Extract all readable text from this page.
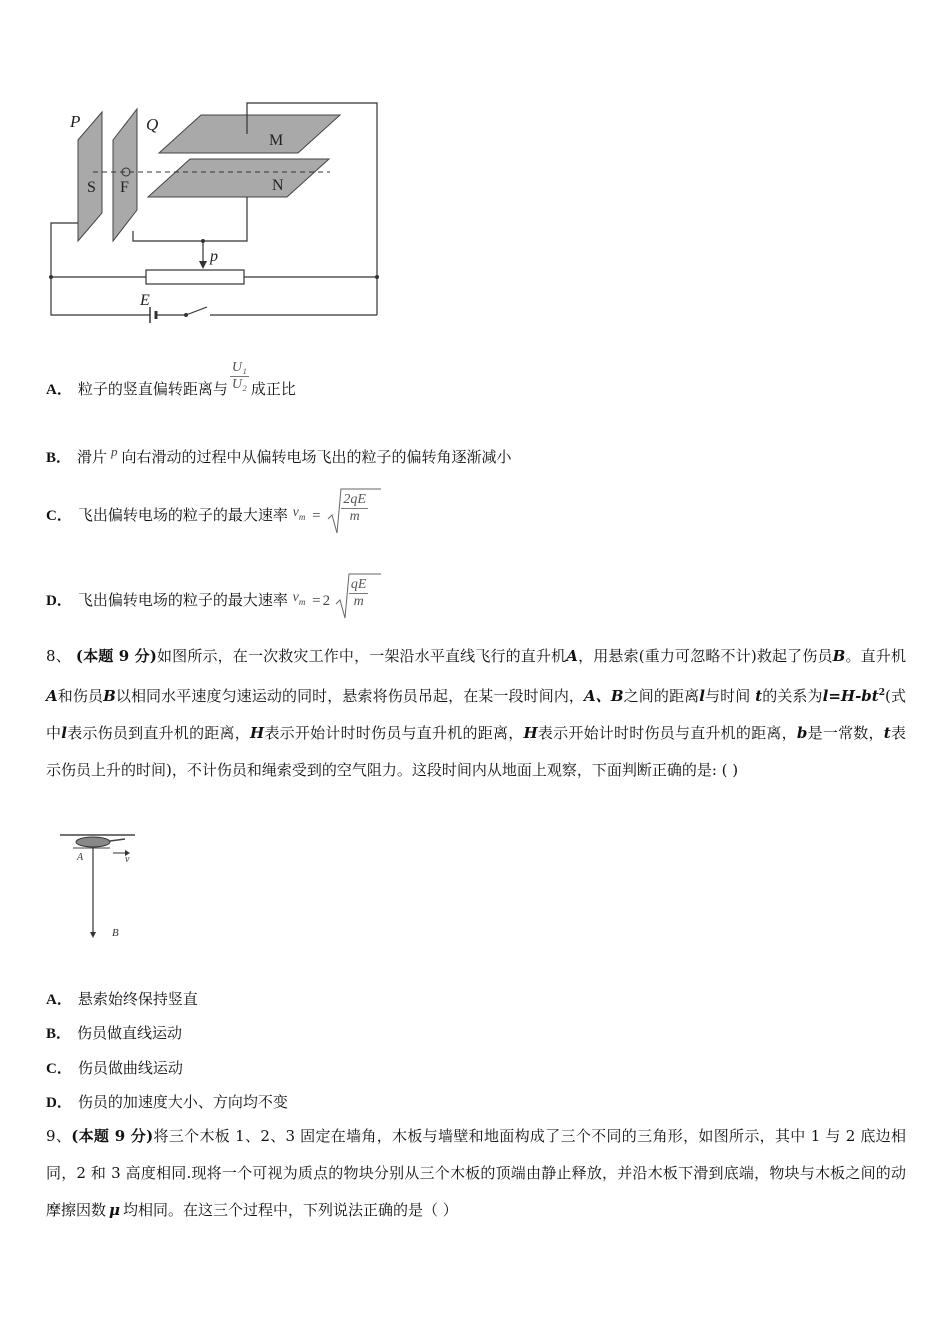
P	Q
M
N
S F
p
E
A． 粒子的竖直偏转距离与 $\frac{\text{U₁}}{\text{U₂}}$ 成正比
B． 滑片 p 向右滑动的过程中从偏转电场飞出的粒子的偏转角逐渐减小
C． 飞出偏转电场的粒子的最大速率 $v_m = \frac{2qE}{m}$
D． 飞出偏转电场的粒子的最大速率 $v_m = 2 \frac{qE}{m}$
8、 (本题 9 分)如图所示，在一次救灾工作中，一架沿水平直线飞行的直升机A，用悬索(重力可忽略不计)救起了伤员B。直升机A和伤员B以相同水平速度匀速运动的同时，悬索将伤员吊起，在某一段时间内，A、B之间的距离l与时间 t的关系为$l=H-bt^2$(式中l表示伤员到直升机的距离，H表示开始计时时伤员与直升机的距离，H表示开始计时时伤员与直升机的距离，b是一常数，t表示伤员上升的时间)，不计伤员和绳索受到的空气阻力。这段时间内从地面上观察，下面判断正确的是: ( )
A	v
B
A． 悬索始终保持竖直
B． 伤员做直线运动
C． 伤员做曲线运动
D． 伤员的加速度大小、方向均不变
9、(本题 9 分)将三个木板 1、2、3 固定在墙角，木板与墙壁和地面构成了三个不同的三角形，如图所示，其中 1 与 2 底边相同，2 和 3 高度相同.现将一个可视为质点的物块分别从三个木板的顶端由静止释放，并沿木板下滑到底端，物块与木板之间的动摩擦因数 μ 均相同。在这三个过程中，下列说法正确的是（ ）
